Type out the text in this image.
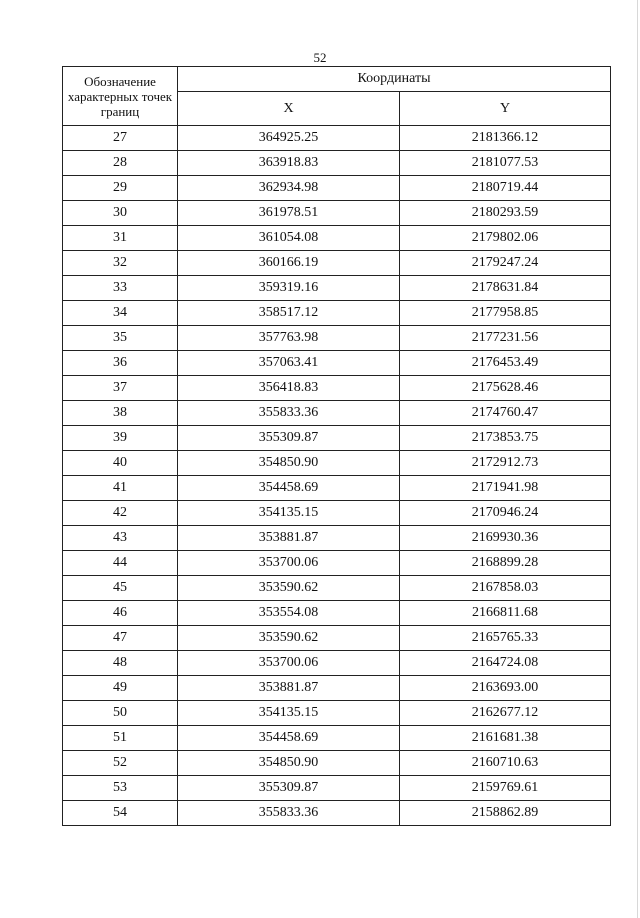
52
Обозначение характерных точек границ	Координаты	
	X	Y
27	364925.25	2181366.12
28	363918.83	2181077.53
29	362934.98	2180719.44
30	361978.51	2180293.59
31	361054.08	2179802.06
32	360166.19	2179247.24
33	359319.16	2178631.84
34	358517.12	2177958.85
35	357763.98	2177231.56
36	357063.41	2176453.49
37	356418.83	2175628.46
38	355833.36	2174760.47
39	355309.87	2173853.75
40	354850.90	2172912.73
41	354458.69	2171941.98
42	354135.15	2170946.24
43	353881.87	2169930.36
44	353700.06	2168899.28
45	353590.62	2167858.03
46	353554.08	2166811.68
47	353590.62	2165765.33
48	353700.06	2164724.08
49	353881.87	2163693.00
50	354135.15	2162677.12
51	354458.69	2161681.38
52	354850.90	2160710.63
53	355309.87	2159769.61
54	355833.36	2158862.89
